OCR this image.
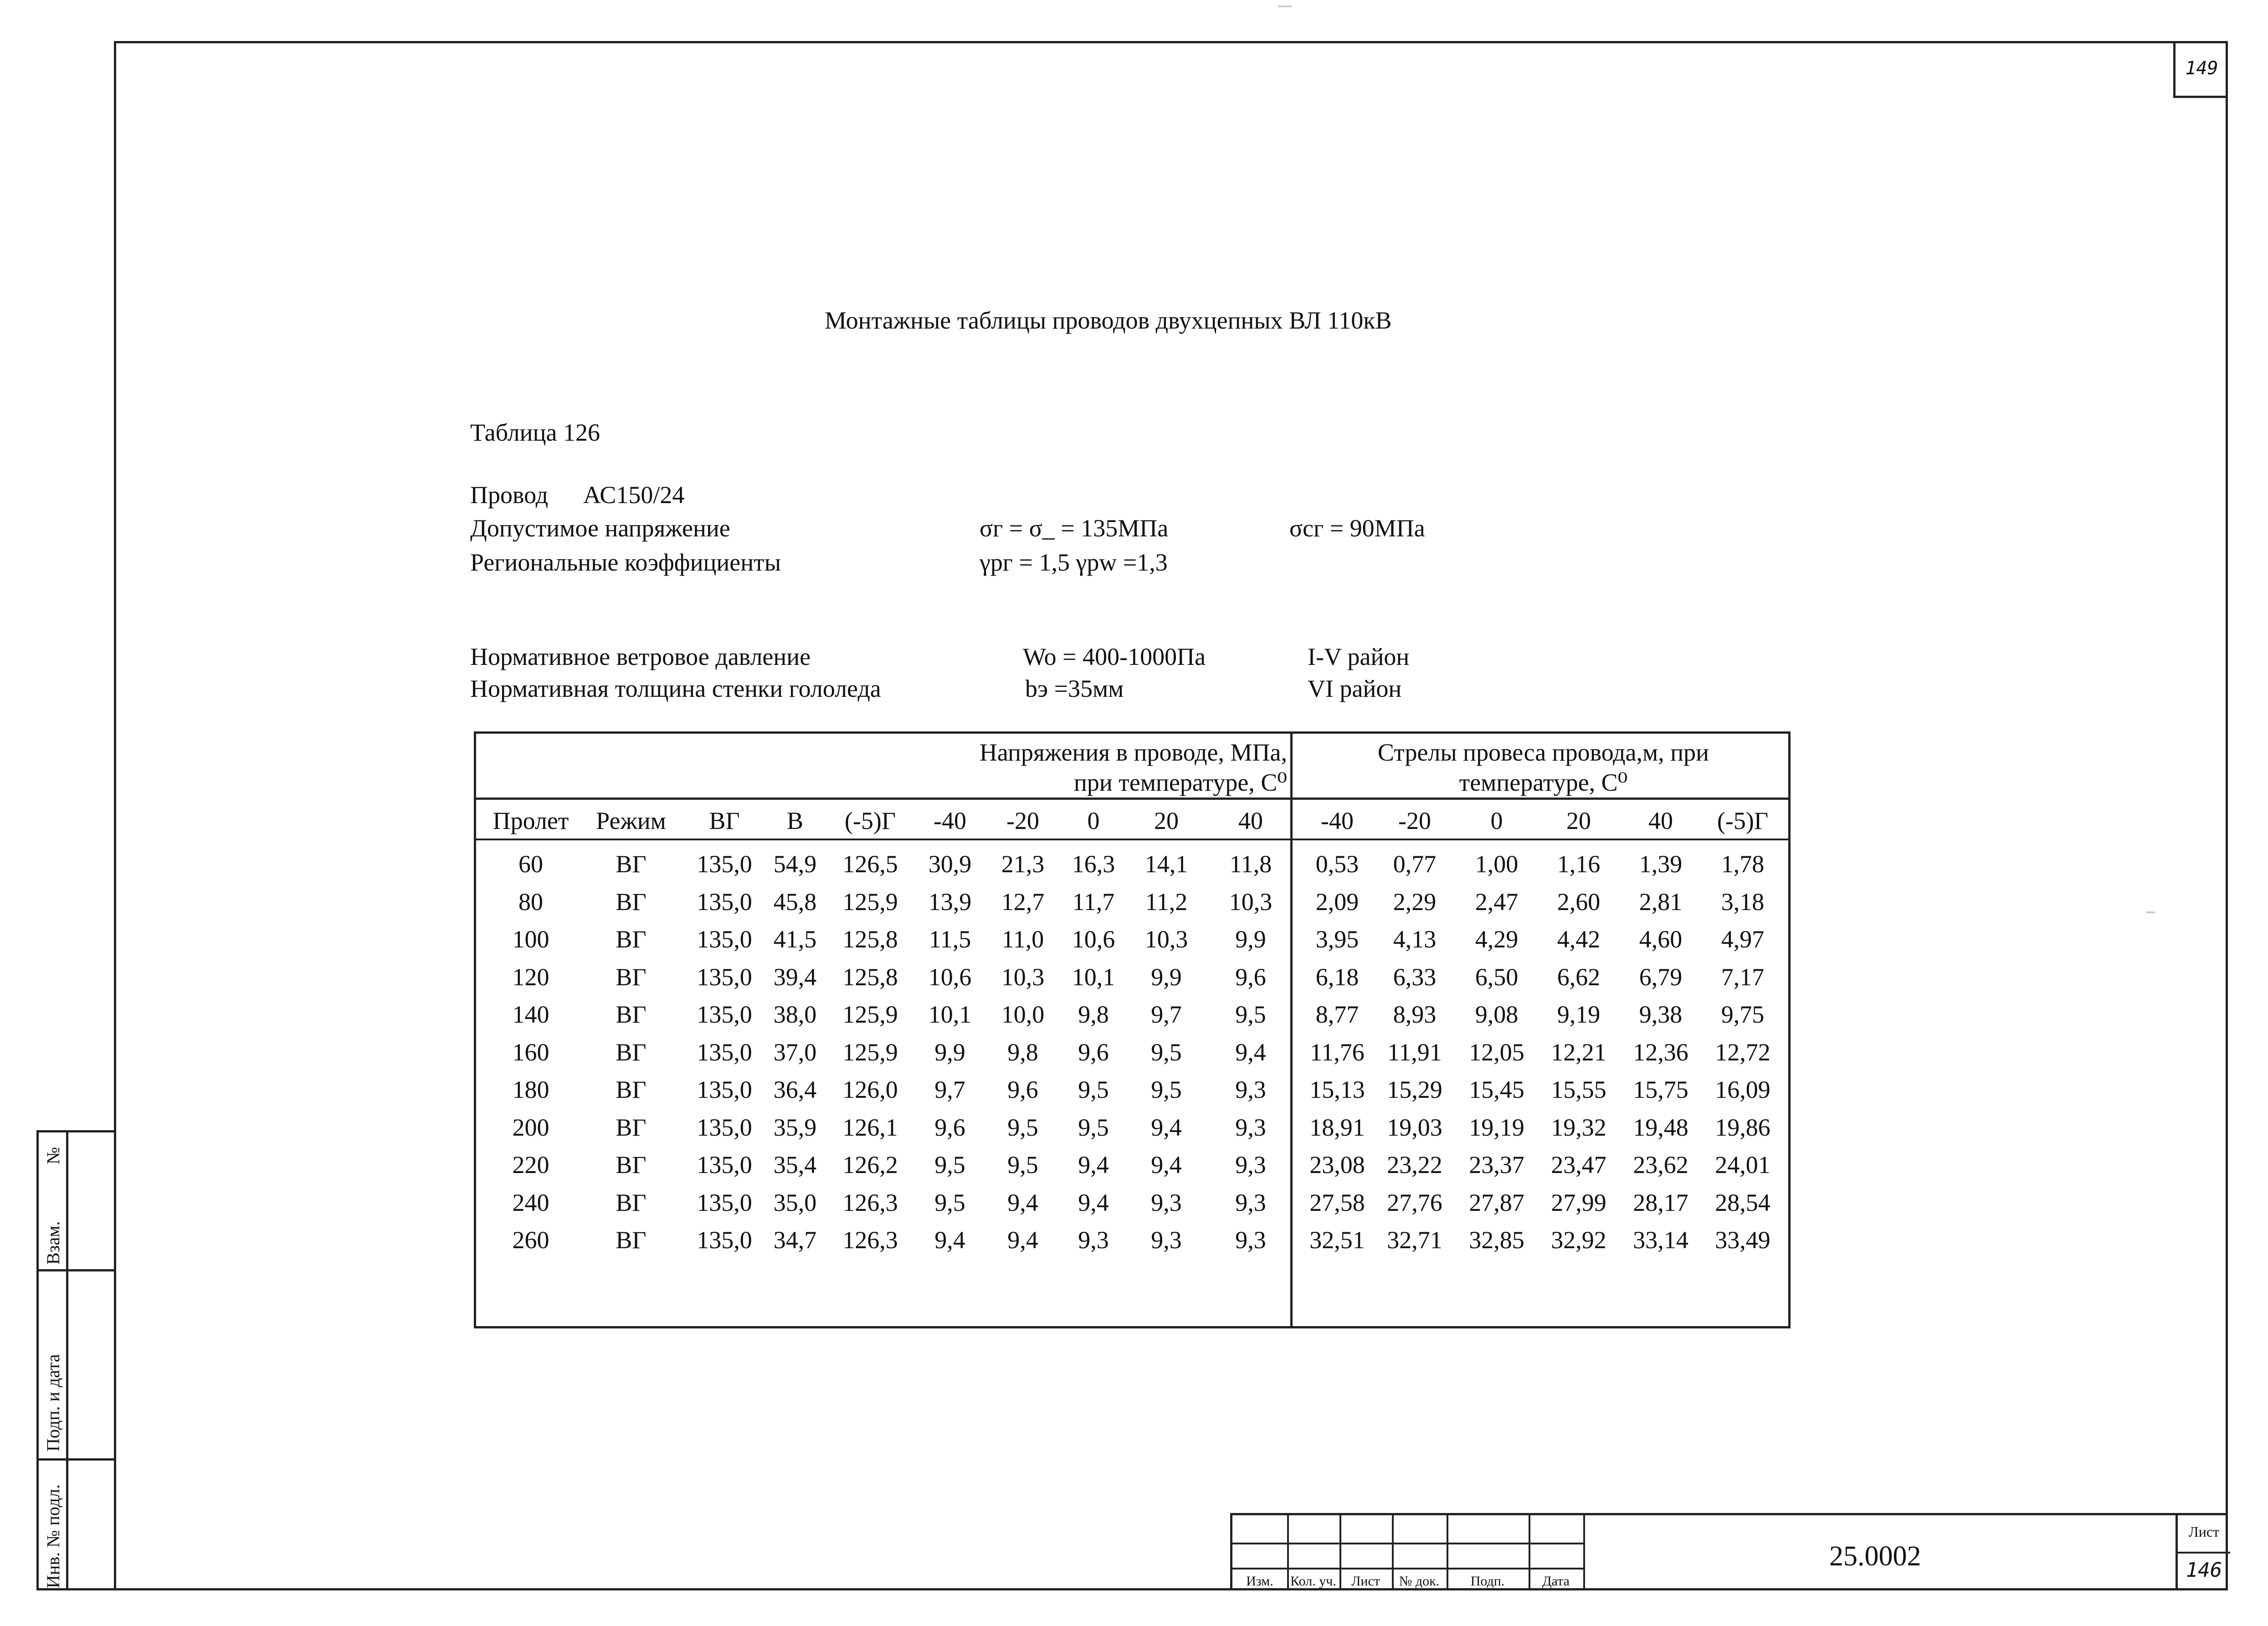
149
Монтажные таблицы проводов двухцепных ВЛ 110кВ
Таблица 126
Провод АС150/24
Допустимое напряжение	σг = σ_ = 135МПа	σсг = 90МПа
Региональные коэффициенты	γрг = 1,5 γpw =1,3
Нормативное ветровое давление	Wo = 400-1000Па	I-V район
Нормативная толщина стенки гололеда	bэ =35мм	VI район
Напряжения в проводе, МПа,
при температуре, С⁰
Стрелы провеса провода,м, при
температуре, С⁰
Пролет Режим	ВГ	В	(-5)Г	-40	-20	0	20	40	-40	-20	0	20	40	(-5)Г
60	ВГ	135,0 54,9	126,5	30,9	21,3	16,3	14,1	11,8	0,53	0,77	1,00	1,16	1,39	1,78
80	ВГ	135,0 45,8	125,9	13,9	12,7	11,7	11,2	10,3	2,09	2,29	2,47	2,60	2,81	3,18
100	ВГ	135,0 41,5	125,8	11,5	11,0	10,6	10,3	9,9	3,95	4,13	4,29	4,42	4,60	4,97
120	ВГ	135,0 39,4	125,8	10,6	10,3	10,1	9,9	9,6	6,18	6,33	6,50	6,62	6,79	7,17
140	ВГ	135,0 38,0	125,9	10,1	10,0	9,8	9,7	9,5	8,77	8,93	9,08	9,19	9,38	9,75
160	ВГ	135,0 37,0	125,9	9,9	9,8	9,6	9,5	9,4	11,76 11,91	12,05	12,21	12,36	12,72
180	ВГ	135,0 36,4	126,0	9,7	9,6	9,5	9,5	9,3	15,13 15,29	15,45	15,55	15,75	16,09
200	ВГ	135,0 35,9	126,1	9,6	9,5	9,5	9,4	9,3	18,91 19,03	19,19	19,32	19,48	19,86
220	ВГ	135,0 35,4	126,2	9,5	9,5	9,4	9,4	9,3	23,08 23,22	23,37	23,47	23,62	24,01
240	ВГ	135,0 35,0	126,3	9,5	9,4	9,4	9,3	9,3	27,58 27,76	27,87	27,99	28,17	28,54
260	ВГ	135,0 34,7	126,3	9,4	9,4	9,3	9,3	9,3	32,51 32,71	32,85	32,92	33,14	33,49
№
Взам.
Подп. и дата
Инв. № подл.	Изм.	Кол. уч.	Лист	№ док.	Подп.	Дата
25.0002
Лист
146
